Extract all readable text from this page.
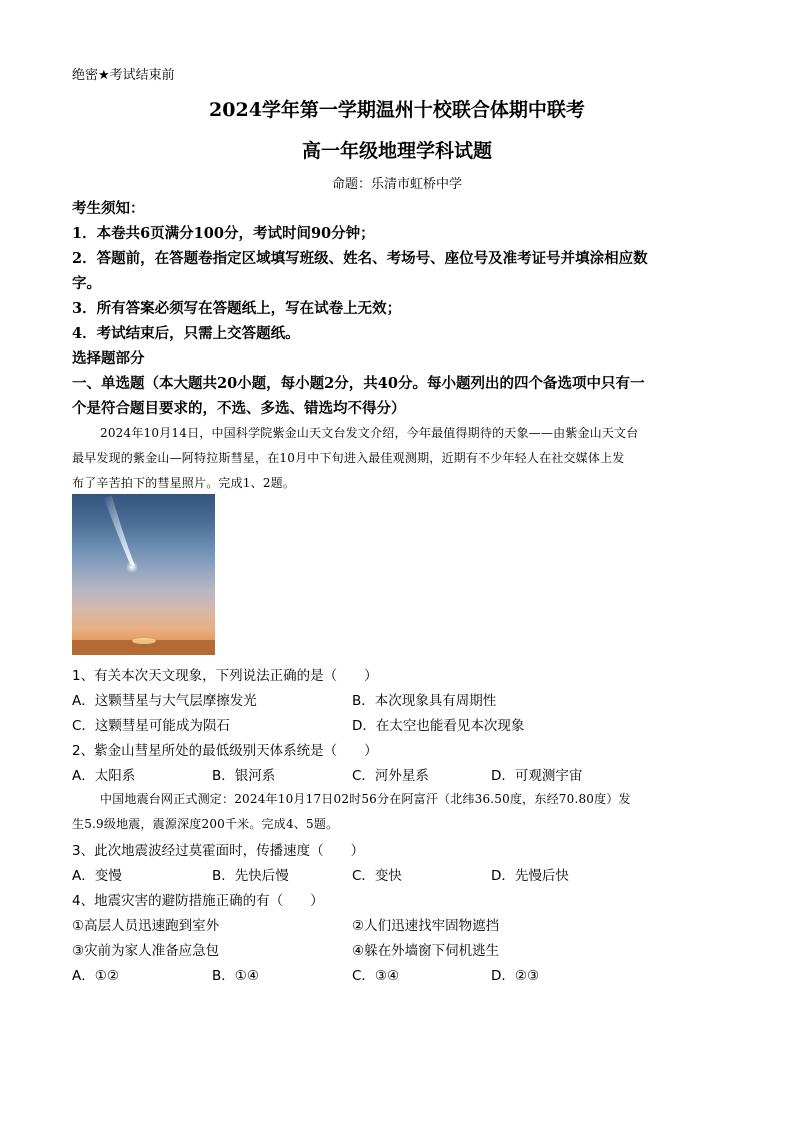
绝密★考试结束前
2024学年第一学期温州十校联合体期中联考
高一年级地理学科试题
命题：乐清市虹桥中学
考生须知：
1．本卷共6页满分100分，考试时间90分钟；
2．答题前，在答题卷指定区域填写班级、姓名、考场号、座位号及准考证号并填涂相应数
字。
3．所有答案必须写在答题纸上，写在试卷上无效；
4．考试结束后，只需上交答题纸。
选择题部分
一、单选题（本大题共20小题，每小题2分，共40分。每小题列出的四个备选项中只有一
个是符合题目要求的，不选、多选、错选均不得分）
2024年10月14日，中国科学院紫金山天文台发文介绍，今年最值得期待的天象——由紫金山天文台
最早发现的紫金山—阿特拉斯彗星，在10月中下旬进入最佳观测期，近期有不少年轻人在社交媒体上发
布了辛苦拍下的彗星照片。完成1、2题。
1、有关本次天文现象，下列说法正确的是（　　）
A．这颗彗星与大气层摩擦发光	B．本次现象具有周期性
C．这颗彗星可能成为陨石	D．在太空也能看见本次现象
2、紫金山彗星所处的最低级别天体系统是（　　）
A．太阳系	B．银河系	C．河外星系	D．可观测宇宙
中国地震台网正式测定：2024年10月17日02时56分在阿富汗（北纬36.50度，东经70.80度）发
生5.9级地震，震源深度200千米。完成4、5题。
3、此次地震波经过莫霍面时，传播速度（　　）
A．变慢	B．先快后慢	C．变快	D．先慢后快
4、地震灾害的避防措施正确的有（　　）
①高层人员迅速跑到室外	②人们迅速找牢固物遮挡
③灾前为家人准备应急包	④躲在外墙窗下伺机逃生
A．①②	B．①④	C．③④	D．②③
